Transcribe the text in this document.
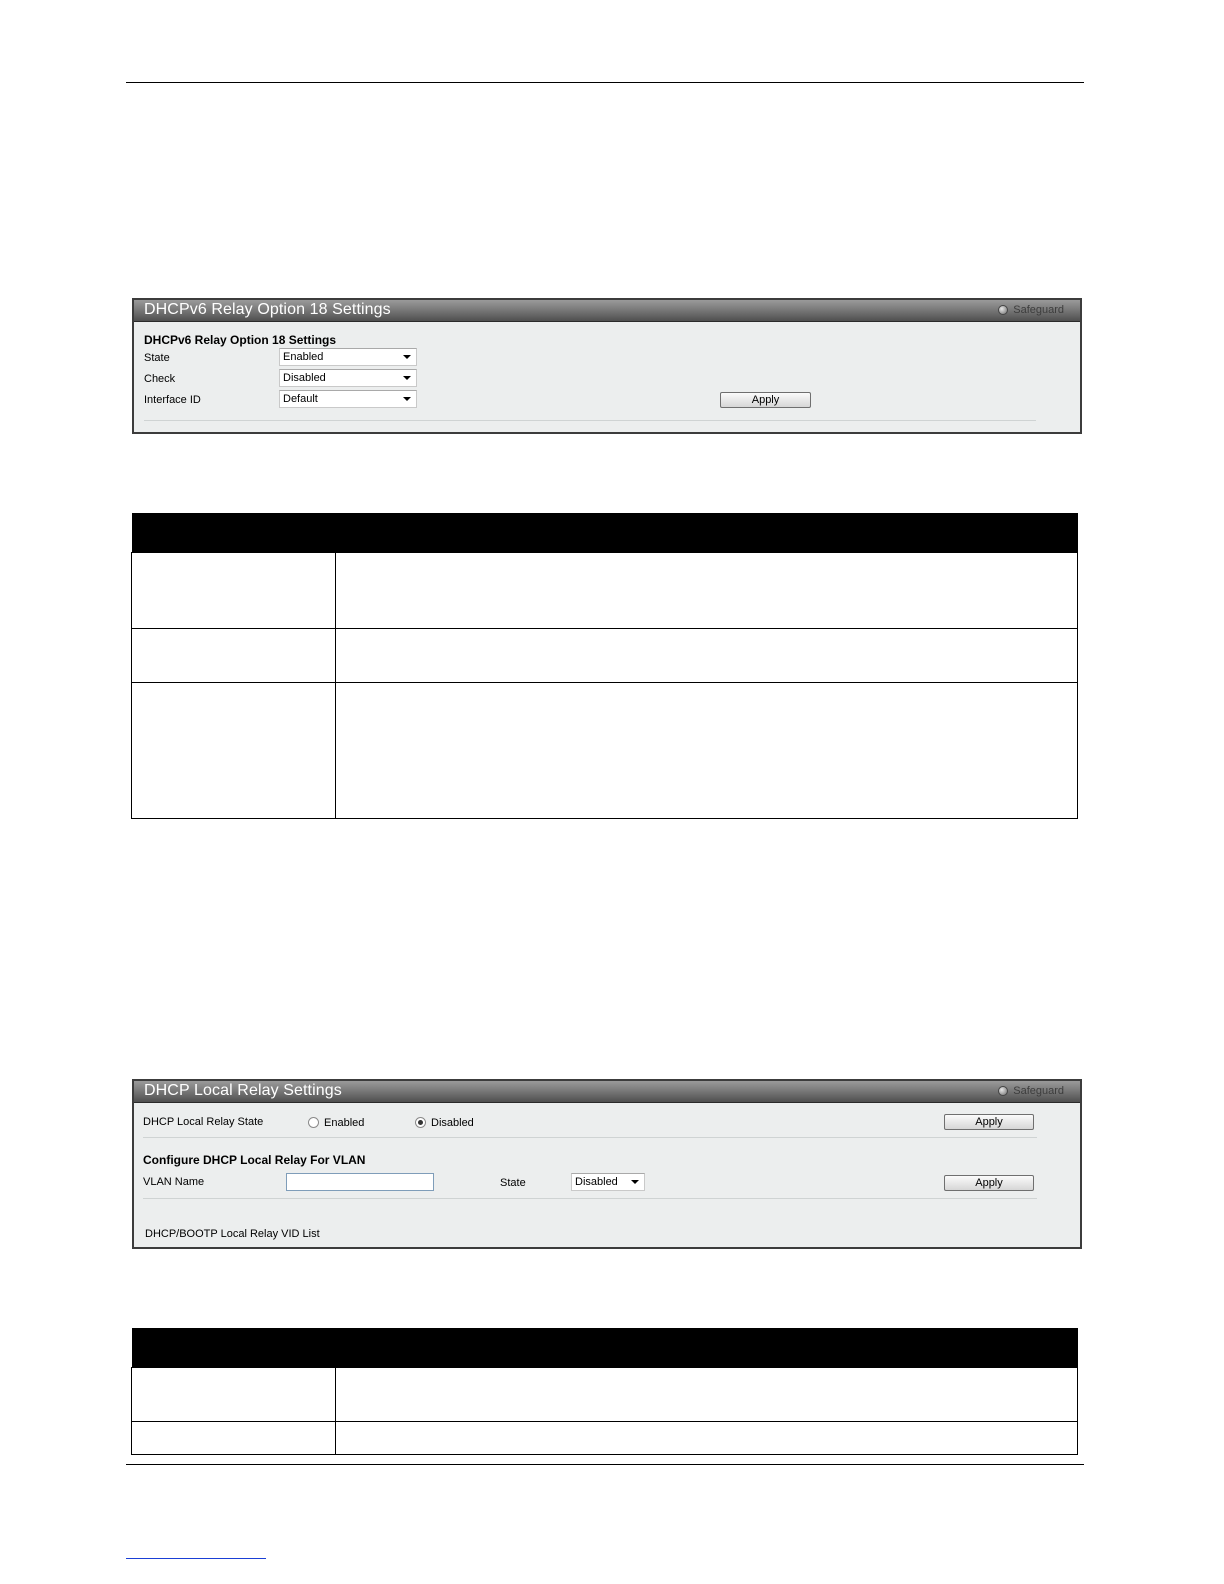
DHCPv6 Relay Option 18 Settings	Safeguard
DHCPv6 Relay Option 18 Settings
State	Enabled
Check	Disabled
Interface ID	Default	Apply

DHCP Local Relay Settings	Safeguard
DHCP Local Relay State	Enabled	Disabled	Apply
Configure DHCP Local Relay For VLAN
VLAN Name	State	Disabled	Apply
DHCP/BOOTP Local Relay VID List
